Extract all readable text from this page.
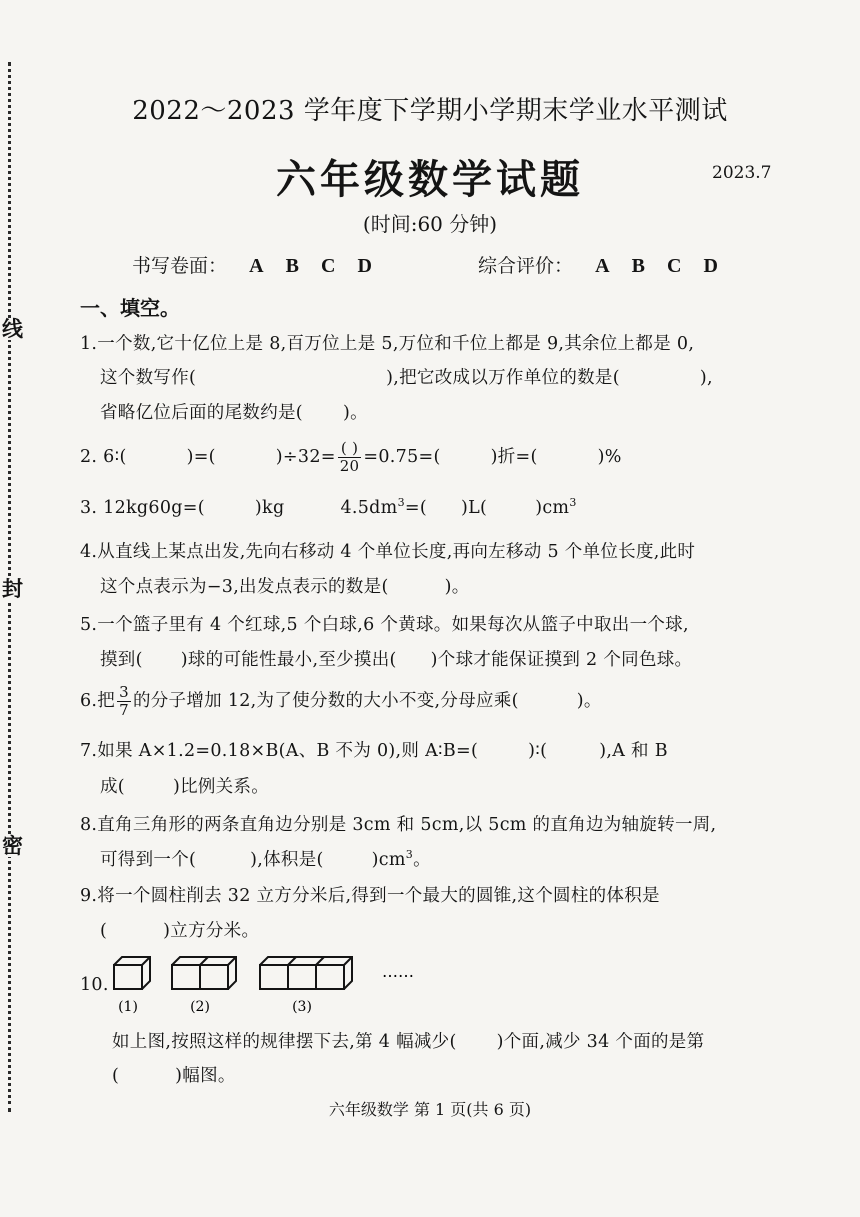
线
封
密
2022～2023 学年度下学期小学期末学业水平测试
六年级数学试题	2023.7
(时间:60 分钟)
书写卷面： A B C D	综合评价： A B C D
一、填空。
1.一个数,它十亿位上是 8,百万位上是 5,万位和千位上都是 9,其余位上都是 0,
这个数写作(	),把它改成以万作单位的数是(	),
省略亿位后面的尾数约是( )。
2. 6∶(	)=(	)$\div 32= \frac{( )}{20} =0.75=$(	)折=(	)%
3. 12kg60g=(	)kg	$4.5dm^3=$( )L(	)$cm^3$
4.从直线上某点出发,先向右移动 4 个单位长度,再向左移动 5 个单位长度,此时
这个点表示为−3,出发点表示的数是(	)。
5.一个篮子里有 4 个红球,5 个白球,6 个黄球。如果每次从篮子中取出一个球,
摸到( )球的可能性最小,至少摸出( )个球才能保证摸到 2 个同色球。
6.把 $\frac{3}{7}$ 的分子增加 12,为了使分数的大小不变,分母应乘(	)。
7.如果 A×1.2=0.18×B(A、B 不为 0),则 A∶B=(	)∶(	),A 和 B
成(	)比例关系。
8.直角三角形的两条直角边分别是 3cm 和 5cm,以 5cm 的直角边为轴旋转一周,
可得到一个(	),体积是(	)$cm^3$。
9.将一个圆柱削去 32 立方分米后,得到一个最大的圆锥,这个圆柱的体积是
(	)立方分米。
10.
(1)	(2)	(3)
……
如上图,按照这样的规律摆下去,第 4 幅减少( )个面,减少 34 个面的是第
(	)幅图。
六年级数学 第 1 页(共 6 页)
